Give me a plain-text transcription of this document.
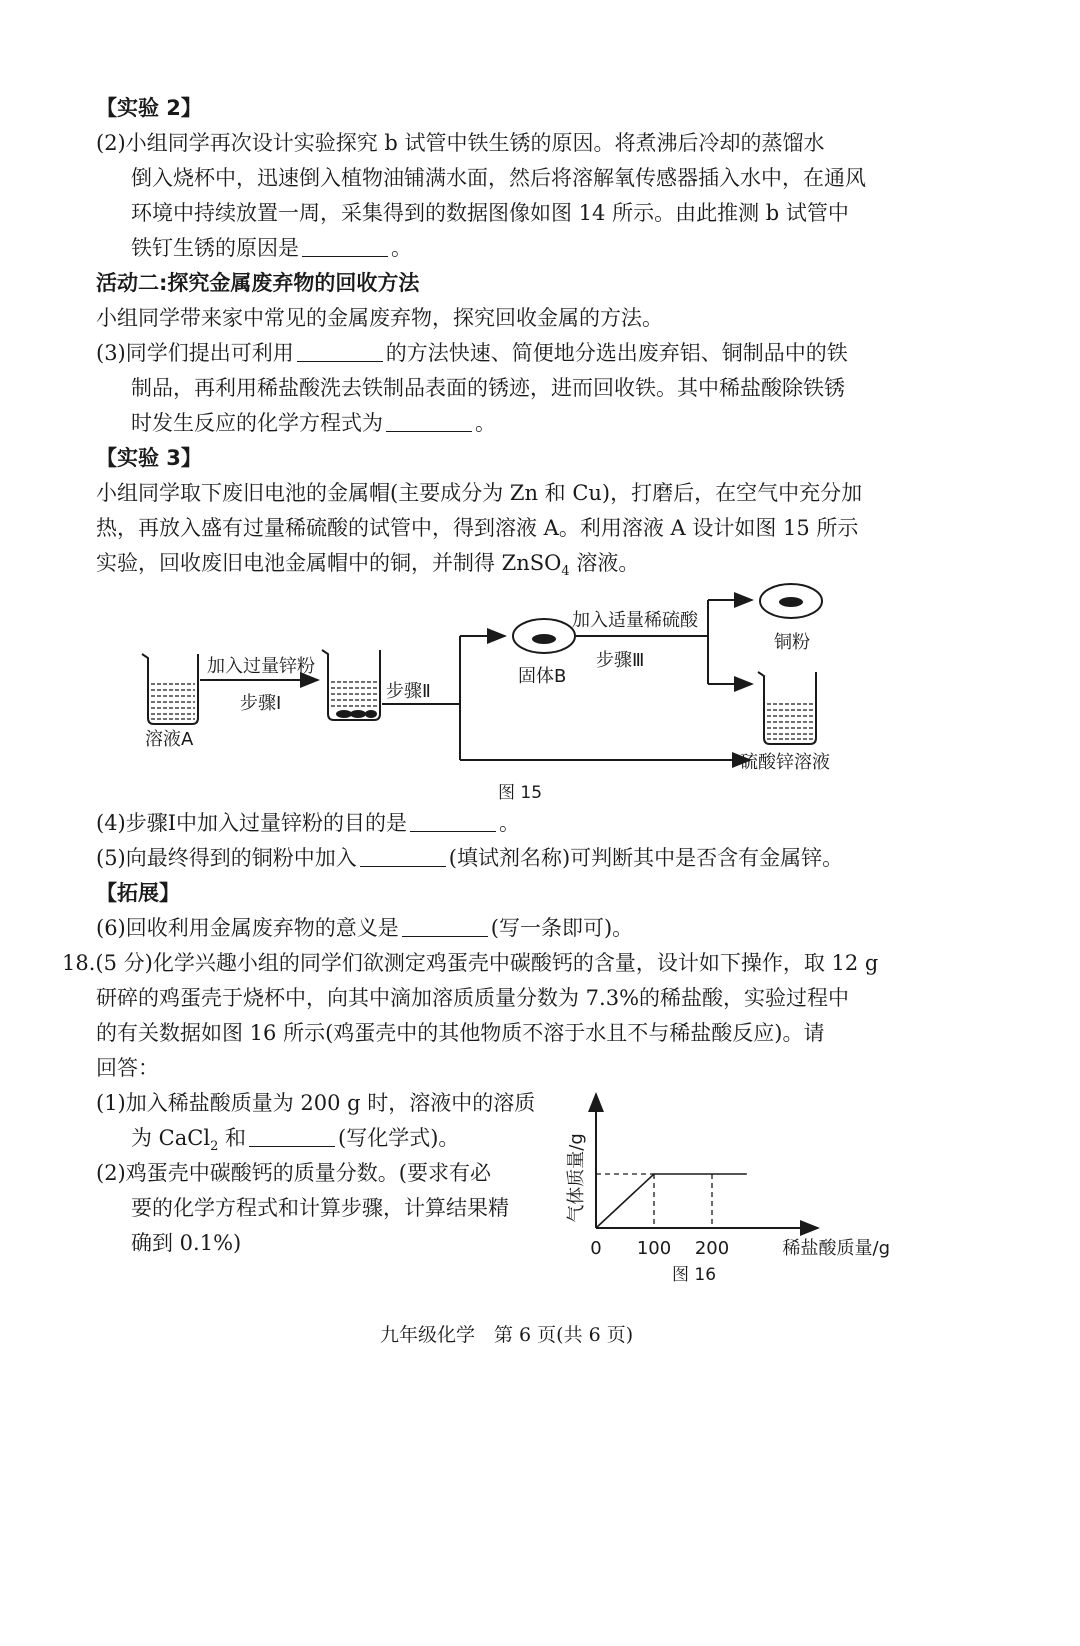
【实验 2】
(2)小组同学再次设计实验探究 b 试管中铁生锈的原因。将煮沸后冷却的蒸馏水
倒入烧杯中，迅速倒入植物油铺满水面，然后将溶解氧传感器插入水中，在通风
环境中持续放置一周，采集得到的数据图像如图 14 所示。由此推测 b 试管中
铁钉生锈的原因是	。
活动二:探究金属废弃物的回收方法
小组同学带来家中常见的金属废弃物，探究回收金属的方法。
(3)同学们提出可利用	的方法快速、简便地分选出废弃铝、铜制品中的铁
制品，再利用稀盐酸洗去铁制品表面的锈迹，进而回收铁。其中稀盐酸除铁锈
时发生反应的化学方程式为	。
【实验 3】
小组同学取下废旧电池的金属帽(主要成分为 Zn 和 Cu)，打磨后，在空气中充分加
热，再放入盛有过量稀硫酸的试管中，得到溶液 A。利用溶液 A 设计如图 15 所示
实验，回收废旧电池金属帽中的铜，并制得 ZnSO$_4$ 溶液。
溶液A
加入过量锌粉
步骤Ⅰ
步骤Ⅱ
固体B
加入适量稀硫酸
步骤Ⅲ
铜粉
硫酸锌溶液
图 15
(4)步骤Ⅰ中加入过量锌粉的目的是	。
(5)向最终得到的铜粉中加入	(填试剂名称)可判断其中是否含有金属锌。
【拓展】
(6)回收利用金属废弃物的意义是	(写一条即可)。
18.(5 分)化学兴趣小组的同学们欲测定鸡蛋壳中碳酸钙的含量，设计如下操作，取 12 g
研碎的鸡蛋壳于烧杯中，向其中滴加溶质质量分数为 7.3%的稀盐酸，实验过程中
的有关数据如图 16 所示(鸡蛋壳中的其他物质不溶于水且不与稀盐酸反应)。请
回答：
(1)加入稀盐酸质量为 200 g 时，溶液中的溶质
为 CaCl$_2$ 和	(写化学式)。
(2)鸡蛋壳中碳酸钙的质量分数。(要求有必
要的化学方程式和计算步骤，计算结果精
确到 0.1%)	0 100 200	稀盐酸质量/g
气体质量/g
图 16
九年级化学　第 6 页(共 6 页)
